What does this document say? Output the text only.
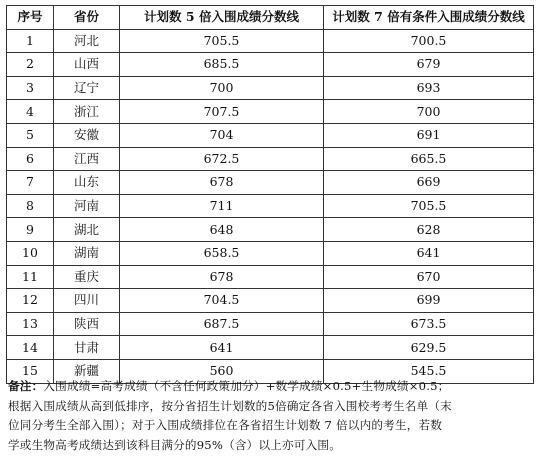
序号	省份	计划数 5 倍入围成绩分数线	计划数 7 倍有条件入围成绩分数线
1	河北	705.5	700.5
2	山西	685.5	679
3	辽宁	700	693
4	浙江	707.5	700
5	安徽	704	691
6	江西	672.5	665.5
7	山东	678	669
8	河南	711	705.5
9	湖北	648	628
10	湖南	658.5	641
11	重庆	678	670
12	四川	704.5	699
13	陕西	687.5	673.5
14	甘肃	641	629.5
15	新疆	560	545.5
备注：入围成绩=高考成绩（不含任何政策加分）+数学成绩×0.5+生物成绩×0.5；
根据入围成绩从高到低排序，按分省招生计划数的5倍确定各省入围校考考生名单（末
位同分考生全部入围）；对于入围成绩排位在各省招生计划数 7 倍以内的考生，若数
学或生物高考成绩达到该科目满分的95%（含）以上亦可入围。
